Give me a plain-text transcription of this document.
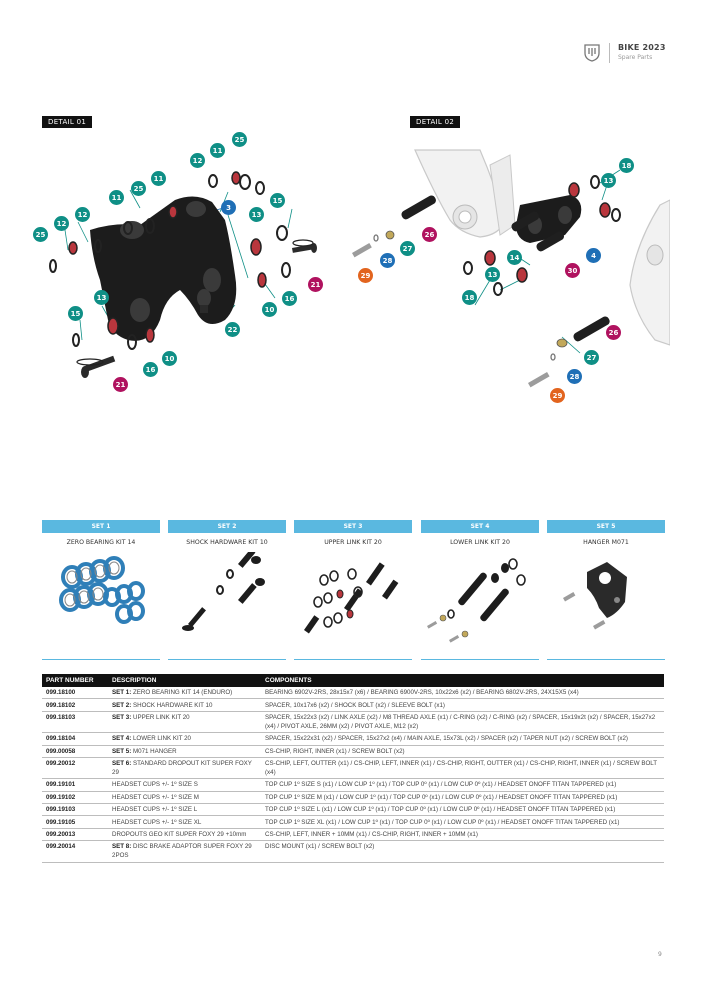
BIKE 2023
Spare Parts
DETAIL 01	DETAIL 02
25
11
12
11
25
11
12
3
13
15
25
12
13
15
21
16
10
22
10
16
21
18
13
26
27
28
29
14	4
30
13
18
26
27
28
29
SET 1
ZERO BEARING KIT 14
SET 2
SHOCK HARDWARE KIT 10
SET 3
UPPER LINK KIT 20
SET 4
LOWER LINK KIT 20
SET 5
HANGER M071
PART NUMBER	DESCRIPTION	COMPONENTS
099.18100	SET 1: ZERO BEARING KIT 14 (ENDURO)	BEARING 6902V-2RS, 28x15x7 (x6) / BEARING 6900V-2RS, 10x22x6 (x2) / BEARING 6802V-2RS, 24X15X5 (x4)
099.18102	SET 2: SHOCK HARDWARE KIT 10	SPACER, 10x17x6 (x2) / SHOCK BOLT (x2) / SLEEVE BOLT (x1)
099.18103	SET 3: UPPER LINK KIT 20	SPACER, 15x22x3 (x2) / LINK AXLE (x2) / M8 THREAD AXLE (x1) / C-RING (x2) / C-RING (x2) / SPACER, 15x19x2t (x2) / SPACER, 15x27x2 (x4) / PIVOT AXLE, 26MM (x2) / PIVOT AXLE, M12 (x2)
099.18104	SET 4: LOWER LINK KIT 20	SPACER, 15x22x31 (x2) / SPACER, 15x27x2 (x4) / MAIN AXLE, 15x73L (x2) / SPACER (x2) / TAPER NUT (x2) / SCREW BOLT (x2)
099.00058	SET 5: M071 HANGER	CS-CHIP, RIGHT, INNER (x1) / SCREW BOLT (x2)
099.20012	SET 6: STANDARD DROPOUT KIT SUPER FOXY 29	CS-CHIP, LEFT, OUTTER (x1) / CS-CHIP, LEFT, INNER (x1) / CS-CHIP, RIGHT, OUTTER (x1) / CS-CHIP, RIGHT, INNER (x1) / SCREW BOLT (x4)
099.19101	HEADSET CUPS +/- 1º SIZE S	TOP CUP 1º SIZE S (x1) / LOW CUP 1º (x1) / TOP CUP 0º (x1) / LOW CUP 0º (x1) / HEADSET ONOFF TITAN TAPPERED (x1)
099.19102	HEADSET CUPS +/- 1º SIZE M	TOP CUP 1º SIZE M (x1) / LOW CUP 1º (x1) / TOP CUP 0º (x1) / LOW CUP 0º (x1) / HEADSET ONOFF TITAN TAPPERED (x1)
099.19103	HEADSET CUPS +/- 1º SIZE L	TOP CUP 1º SIZE L (x1) / LOW CUP 1º (x1) / TOP CUP 0º (x1) / LOW CUP 0º (x1) / HEADSET ONOFF TITAN TAPPERED (x1)
099.19105	HEADSET CUPS +/- 1º SIZE XL	TOP CUP 1º SIZE XL (x1) / LOW CUP 1º (x1) / TOP CUP 0º (x1) / LOW CUP 0º (x1) / HEADSET ONOFF TITAN TAPPERED (x1)
099.20013	DROPOUTS GEO KIT SUPER FOXY 29 +10mm	CS-CHIP, LEFT, INNER + 10MM (x1) / CS-CHIP, RIGHT, INNER + 10MM (x1)
099.20014	SET 8: DISC BRAKE ADAPTOR SUPER FOXY 29 2POS	DISC MOUNT (x1) / SCREW BOLT (x2)
9
